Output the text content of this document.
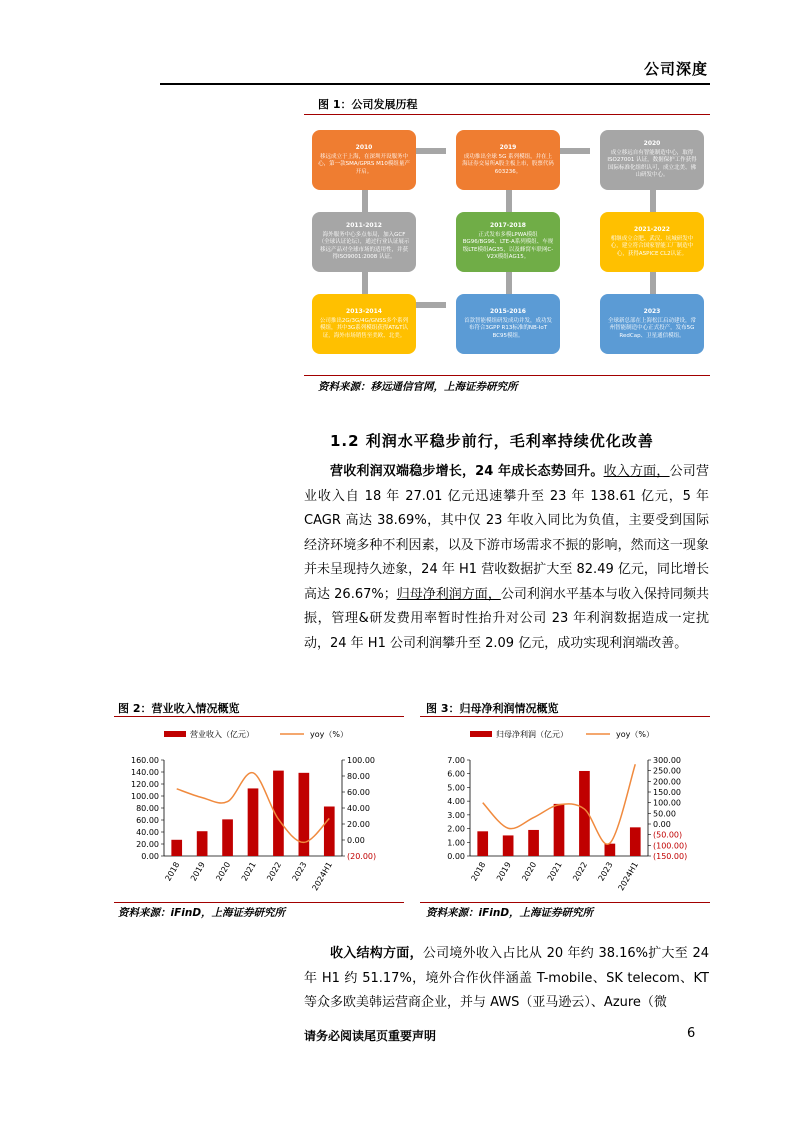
公司深度
图 1：公司发展历程
2010
移远成立于上海，在深圳开设服务中心，第一款SMA/GPRS M10模组量产开启。
2011-2012
海外服务中心多点布局，加入GCF（全球认证论坛），通过行业认证展示移远产品对全球市场的适用性，并获得ISO9001:2008 认证。
2013-2014
公司推出2G/3G/4G/GNSS多个系列模组，其中3G系列模组获得AT&T认证，海外市场销售至美欧、北美。
2015-2016
首款智能模组研发成功并发，成功发布符合3GPP R13标准的NB-IoT BC95模组。
2017-2018
正式发布多模LPWA模组 BG96/BG96、LTE-A系列模组、车规级LTE模组AG35，以及蜂窝车联网C-V2X模组AG15。
2019
成功推出全球 5G 系列模组，并在上海证券交易所A股主板上市，股票代码603236。
2020
成立移远自有智能制造中心，取得 ISO27001 认证，数据保护工作获得国际标准化组织认可，成立北美、佛山研发中心。
2021-2022
相继成立合肥、武汉、坑城研发中心，建立符合国家智能工厂制造中心，获得ASPICE CL2认证。
2023
全球新总部在上海松江启动建设，常州智能制造中心正式投产，发布5G RedCap、卫星通信模组。
资料来源：移远通信官网，上海证券研究所
1.2 利润水平稳步前行，毛利率持续优化改善

营收利润双端稳步增长，24 年成长态势回升。收入方面，公司营业收入自 18 年 27.01 亿元迅速攀升至 23 年 138.61 亿元，5 年 CAGR 高达 38.69%，其中仅 23 年收入同比为负值，主要受到国际经济环境多种不利因素，以及下游市场需求不振的影响，然而这一现象并未呈现持久迹象，24 年 H1 营收数据扩大至 82.49 亿元，同比增长高达 26.67%；归母净利润方面，公司利润水平基本与收入保持同频共振，管理&研发费用率暂时性抬升对公司 23 年利润数据造成一定扰动，24 年 H1 公司利润攀升至 2.09 亿元，成功实现利润端改善。

图 2：营业收入情况概览
营业收入（亿元）	yoy（%）
0.00
20.00
40.00
60.00
80.00
100.00
120.00
140.00
160.00
(20.00)
0.00
20.00
40.00
60.00
80.00
100.00
2018 2019 2020 2021 2022 2023 2024H1
资料来源：iFinD，上海证券研究所
图 3：归母净利润情况概览
归母净利润（亿元）	yoy（%）
0.00
1.00
2.00
3.00
4.00
5.00
6.00
7.00
(150.00)
(100.00)
(50.00)
0.00
50.00
100.00
150.00
200.00
250.00
300.00
2018 2019 2020 2021 2022 2023 2024H1
资料来源：iFinD，上海证券研究所

收入结构方面，公司境外收入占比从 20 年约 38.16%扩大至 24 年 H1 约 51.17%，境外合作伙伴涵盖 T-mobile、SK telecom、KT等众多欧美韩运营商企业，并与 AWS（亚马逊云）、Azure（微

请务必阅读尾页重要声明	6
